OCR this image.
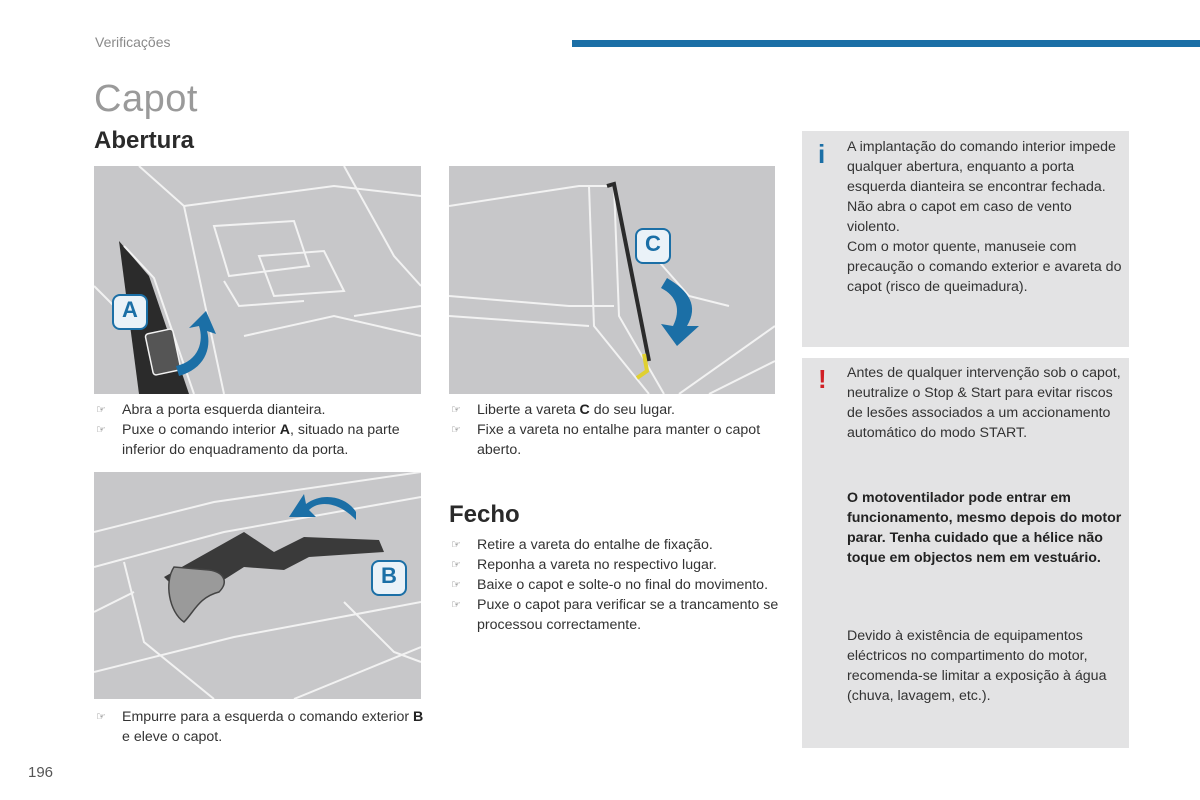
Verificações
Capot
Abertura
A
C
☞ Abra a porta esquerda dianteira.
☞ Puxe o comando interior A, situado na parte inferior do enquadramento da porta.
☞ Liberte a vareta C do seu lugar.
☞ Fixe a vareta no entalhe para manter o capot aberto.
B
☞ Empurre para a esquerda o comando exterior B e eleve o capot.
Fecho
☞ Retire a vareta do entalhe de fixação.
☞ Reponha a vareta no respectivo lugar.
☞ Baixe o capot e solte-o no final do movimento.
☞ Puxe o capot para verificar se a trancamento se processou correctamente.
i A implantação do comando interior impede qualquer abertura, enquanto a porta esquerda dianteira se encontrar fechada.
Não abra o capot em caso de vento violento.
Com o motor quente, manuseie com precaução o comando exterior e avareta do capot (risco de queimadura).
! Antes de qualquer intervenção sob o capot, neutralize o Stop & Start para evitar riscos de lesões associados a um accionamento automático do modo START.
O motoventilador pode entrar em funcionamento, mesmo depois do motor parar. Tenha cuidado que a hélice não toque em objectos nem em vestuário.
Devido à existência de equipamentos eléctricos no compartimento do motor, recomenda-se limitar a exposição à água (chuva, lavagem, etc.).
196
